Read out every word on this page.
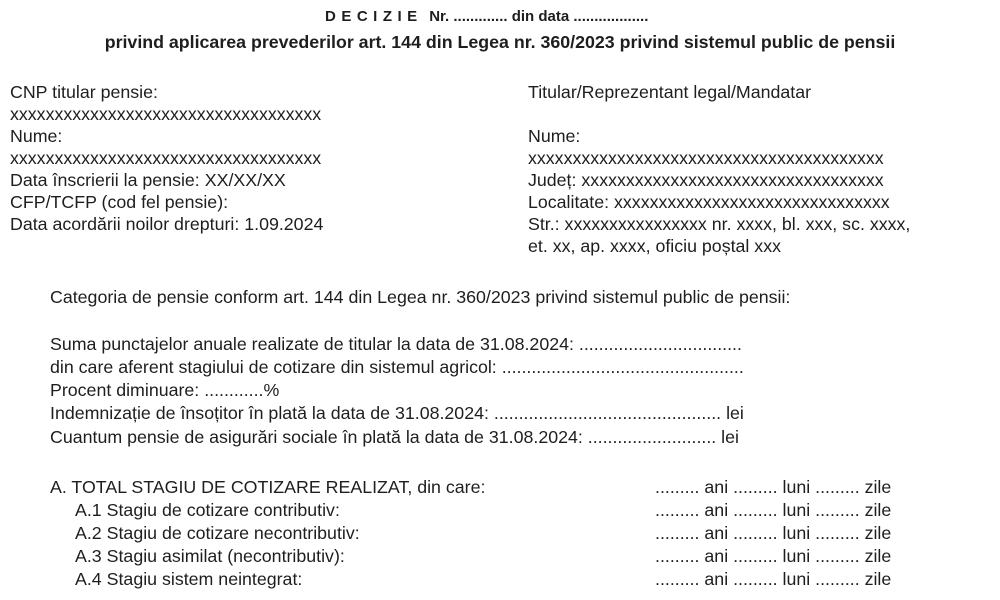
DECIZIE Nr. ............. din data ..................
privind aplicarea prevederilor art. 144 din Legea nr. 360/2023 privind sistemul public de pensii
CNP titular pensie:
xxxxxxxxxxxxxxxxxxxxxxxxxxxxxxxxxxx
Nume:
xxxxxxxxxxxxxxxxxxxxxxxxxxxxxxxxxxx
Data înscrierii la pensie: XX/XX/XX
CFP/TCFP (cod fel pensie):
Data acordării noilor drepturi: 1.09.2024
Titular/Reprezentant legal/Mandatar
Nume:
xxxxxxxxxxxxxxxxxxxxxxxxxxxxxxxxxxxxxxxx
Județ: xxxxxxxxxxxxxxxxxxxxxxxxxxxxxxxxxx
Localitate: xxxxxxxxxxxxxxxxxxxxxxxxxxxxxxx
Str.: xxxxxxxxxxxxxxxx nr. xxxx, bl. xxx, sc. xxxx,
et. xx, ap. xxxx, oficiu poștal xxx
Categoria de pensie conform art. 144 din Legea nr. 360/2023 privind sistemul public de pensii:
Suma punctajelor anuale realizate de titular la data de 31.08.2024: .................................
din care aferent stagiului de cotizare din sistemul agricol: .................................................
Procent diminuare: ............%
Indemnizație de însoțitor în plată la data de 31.08.2024: .............................................. lei
Cuantum pensie de asigurări sociale în plată la data de 31.08.2024: .......................... lei
A. TOTAL STAGIU DE COTIZARE REALIZAT, din care:	......... ani ......... luni ......... zile
A.1 Stagiu de cotizare contributiv:	......... ani ......... luni ......... zile
A.2 Stagiu de cotizare necontributiv:	......... ani ......... luni ......... zile
A.3 Stagiu asimilat (necontributiv):	......... ani ......... luni ......... zile
A.4 Stagiu sistem neintegrat:	......... ani ......... luni ......... zile
